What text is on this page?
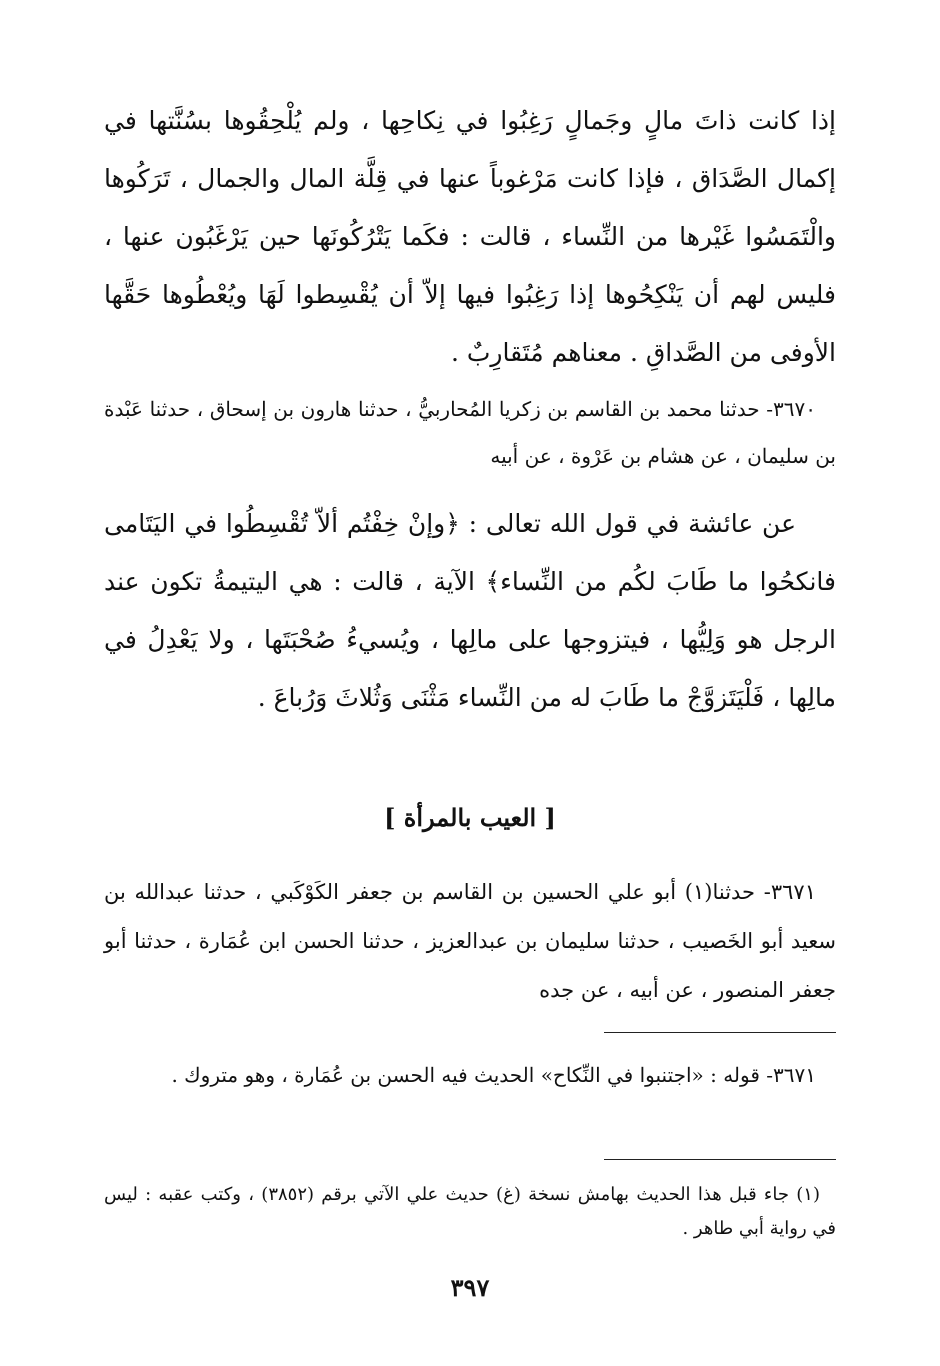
إذا كانت ذاتَ مالٍ وجَمالٍ رَغِبُوا في نِكاحِها ، ولم يُلْحِقُوها بسُنَّتها في إكمال الصَّدَاق ، فإذا كانت مَرْغوباً عنها في قِلَّة المال والجمال ، تَرَكُوها والْتَمَسُوا غَيْرها من النِّساء ، قالت : فكَما يَتْرُكُونَها حين يَرْغَبُون عنها ، فليس لهم أن يَنْكِحُوها إذا رَغِبُوا فيها إلاّ أن يُقْسِطوا لَهَا ويُعْطُوها حَقَّها الأوفى من الصَّداقِ . معناهم مُتَقارِبٌ .
٣٦٧٠- حدثنا محمد بن القاسم بن زكريا المُحاربيُّ ، حدثنا هارون بن إسحاق ، حدثنا عَبْدة بن سليمان ، عن هشام بن عَرْوة ، عن أبيه
عن عائشة في قول الله تعالى : ﴿وإنْ خِفْتُم ألاّ تُقْسِطُوا في اليَتَامى فانكحُوا ما طَابَ لكُم من النِّساء﴾ الآية ، قالت : هي اليتيمةُ تكون عند الرجل هو وَلِيُّها ، فيتزوجها على مالِها ، ويُسيءُ صُحْبَتَها ، ولا يَعْدِلُ في مالِها ، فَلْيَتَزوَّجْ ما طَابَ له من النِّساء مَثْنَى وَثُلاثَ وَرُباعَ .
[ العيب بالمرأة ]
٣٦٧١- حدثنا(١) أبو علي الحسين بن القاسم بن جعفر الكَوْكَبي ، حدثنا عبدالله بن سعيد أبو الخَصيب ، حدثنا سليمان بن عبدالعزيز ، حدثنا الحسن ابن عُمَارة ، حدثنا أبو جعفر المنصور ، عن أبيه ، عن جده
٣٦٧١- قوله : «اجتنبوا في النِّكاح» الحديث فيه الحسن بن عُمَارة ، وهو متروك .
(١) جاء قبل هذا الحديث بهامش نسخة (غ) حديث علي الآتي برقم (٣٨٥٢) ، وكتب عقبه : ليس في رواية أبي طاهر .
٣٩٧
